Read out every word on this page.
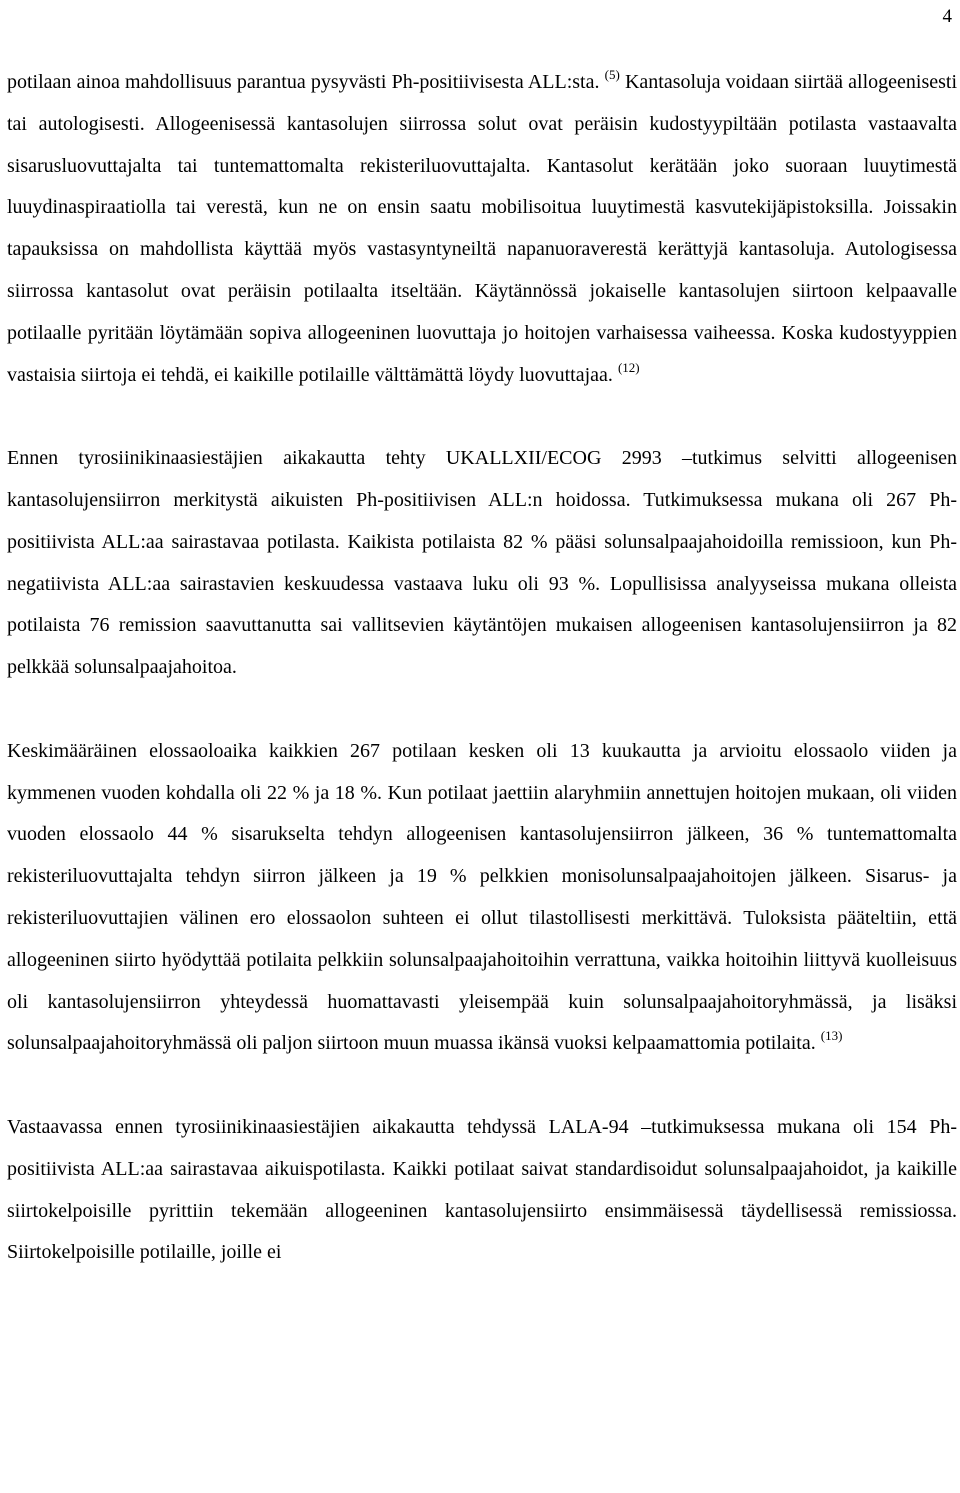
4

potilaan ainoa mahdollisuus parantua pysyvästi Ph-positiivisesta ALL:sta. $^{(5)}$ Kantasoluja voidaan siirtää allogeenisesti tai autologisesti. Allogeenisessä kantasolujen siirrossa solut ovat peräisin kudostyypiltään potilasta vastaavalta sisarusluovuttajalta tai tuntemattomalta rekisteriluovuttajalta. Kantasolut kerätään joko suoraan luuytimestä luuydinaspiraatiolla tai verestä, kun ne on ensin saatu mobilisoitua luuytimestä kasvutekijäpistoksilla. Joissakin tapauksissa on mahdollista käyttää myös vastasyntyneiltä napanuoraverestä kerättyjä kantasoluja. Autologisessa siirrossa kantasolut ovat peräisin potilaalta itseltään. Käytännössä jokaiselle kantasolujen siirtoon kelpaavalle potilaalle pyritään löytämään sopiva allogeeninen luovuttaja jo hoitojen varhaisessa vaiheessa. Koska kudostyyppien vastaisia siirtoja ei tehdä, ei kaikille potilaille välttämättä löydy luovuttajaa. $^{(12)}$

Ennen tyrosiinikinaasiestäjien aikakautta tehty UKALLXII/ECOG 2993 –tutkimus selvitti allogeenisen kantasolujensiirron merkitystä aikuisten Ph-positiivisen ALL:n hoidossa. Tutkimuksessa mukana oli 267 Ph-positiivista ALL:aa sairastavaa potilasta. Kaikista potilaista 82 % pääsi solunsalpaajahoidoilla remissioon, kun Ph-negatiivista ALL:aa sairastavien keskuudessa vastaava luku oli 93 %. Lopullisissa analyyseissa mukana olleista potilaista 76 remission saavuttanutta sai vallitsevien käytäntöjen mukaisen allogeenisen kantasolujensiirron ja 82 pelkkää solunsalpaajahoitoa.

Keskimääräinen elossaoloaika kaikkien 267 potilaan kesken oli 13 kuukautta ja arvioitu elossaolo viiden ja kymmenen vuoden kohdalla oli 22 % ja 18 %. Kun potilaat jaettiin alaryhmiin annettujen hoitojen mukaan, oli viiden vuoden elossaolo 44 % sisarukselta tehdyn allogeenisen kantasolujensiirron jälkeen, 36 % tuntemattomalta rekisteriluovuttajalta tehdyn siirron jälkeen ja 19 % pelkkien monisolunsalpaajahoitojen jälkeen. Sisarus- ja rekisteriluovuttajien välinen ero elossaolon suhteen ei ollut tilastollisesti merkittävä. Tuloksista pääteltiin, että allogeeninen siirto hyödyttää potilaita pelkkiin solunsalpaajahoitoihin verrattuna, vaikka hoitoihin liittyvä kuolleisuus oli kantasolujensiirron yhteydessä huomattavasti yleisempää kuin solunsalpaajahoitoryhmässä, ja lisäksi solunsalpaajahoitoryhmässä oli paljon siirtoon muun muassa ikänsä vuoksi kelpaamattomia potilaita. $^{(13)}$

Vastaavassa ennen tyrosiinikinaasiestäjien aikakautta tehdyssä LALA-94 –tutkimuksessa mukana oli 154 Ph-positiivista ALL:aa sairastavaa aikuispotilasta. Kaikki potilaat saivat standardisoidut solunsalpaajahoidot, ja kaikille siirtokelpoisille pyrittiin tekemään allogeeninen kantasolujensiirto ensimmäisessä täydellisessä remissiossa. Siirtokelpoisille potilaille, joille ei
